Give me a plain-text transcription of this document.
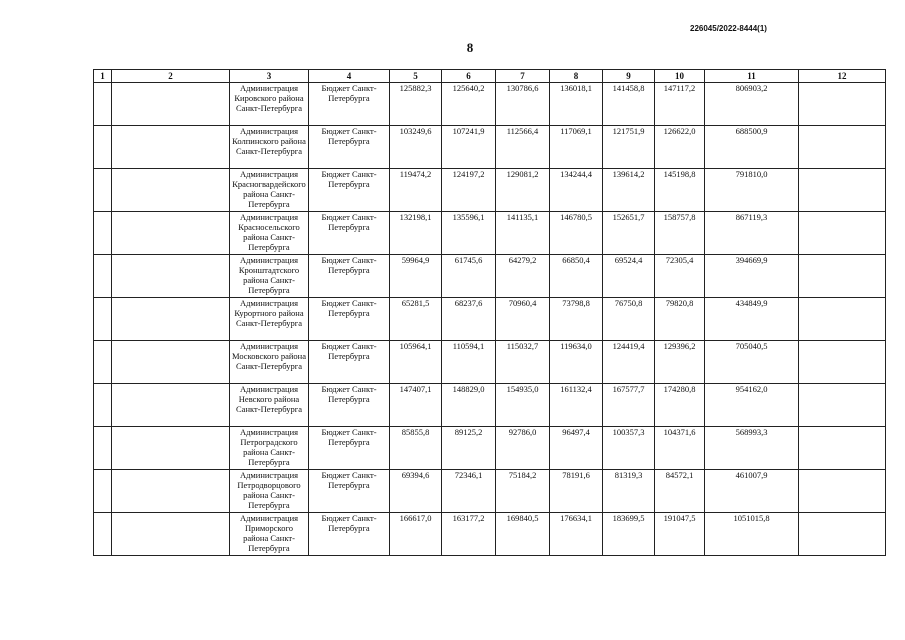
226045/2022-8444(1)
8
1	2	3	4	5	6	7	8	9	10	11	12
		Администрация Кировского района Санкт-Петербурга	Бюджет Санкт-Петербурга	125882,3	125640,2	130786,6	136018,1	141458,8	147117,2	806903,2	
		Администрация Колпинского района Санкт-Петербурга	Бюджет Санкт-Петербурга	103249,6	107241,9	112566,4	117069,1	121751,9	126622,0	688500,9	
		Администрация Красногвардейского района Санкт-Петербурга	Бюджет Санкт-Петербурга	119474,2	124197,2	129081,2	134244,4	139614,2	145198,8	791810,0	
		Администрация Красносельского района Санкт-Петербурга	Бюджет Санкт-Петербурга	132198,1	135596,1	141135,1	146780,5	152651,7	158757,8	867119,3	
		Администрация Кронштадтского района Санкт-Петербурга	Бюджет Санкт-Петербурга	59964,9	61745,6	64279,2	66850,4	69524,4	72305,4	394669,9	
		Администрация Курортного района Санкт-Петербурга	Бюджет Санкт-Петербурга	65281,5	68237,6	70960,4	73798,8	76750,8	79820,8	434849,9	
		Администрация Московского района Санкт-Петербурга	Бюджет Санкт-Петербурга	105964,1	110594,1	115032,7	119634,0	124419,4	129396,2	705040,5	
		Администрация Невского района Санкт-Петербурга	Бюджет Санкт-Петербурга	147407,1	148829,0	154935,0	161132,4	167577,7	174280,8	954162,0	
		Администрация Петроградского района Санкт-Петербурга	Бюджет Санкт-Петербурга	85855,8	89125,2	92786,0	96497,4	100357,3	104371,6	568993,3	
		Администрация Петродворцового района Санкт-Петербурга	Бюджет Санкт-Петербурга	69394,6	72346,1	75184,2	78191,6	81319,3	84572,1	461007,9	
		Администрация Приморского района Санкт-Петербурга	Бюджет Санкт-Петербурга	166617,0	163177,2	169840,5	176634,1	183699,5	191047,5	1051015,8	
